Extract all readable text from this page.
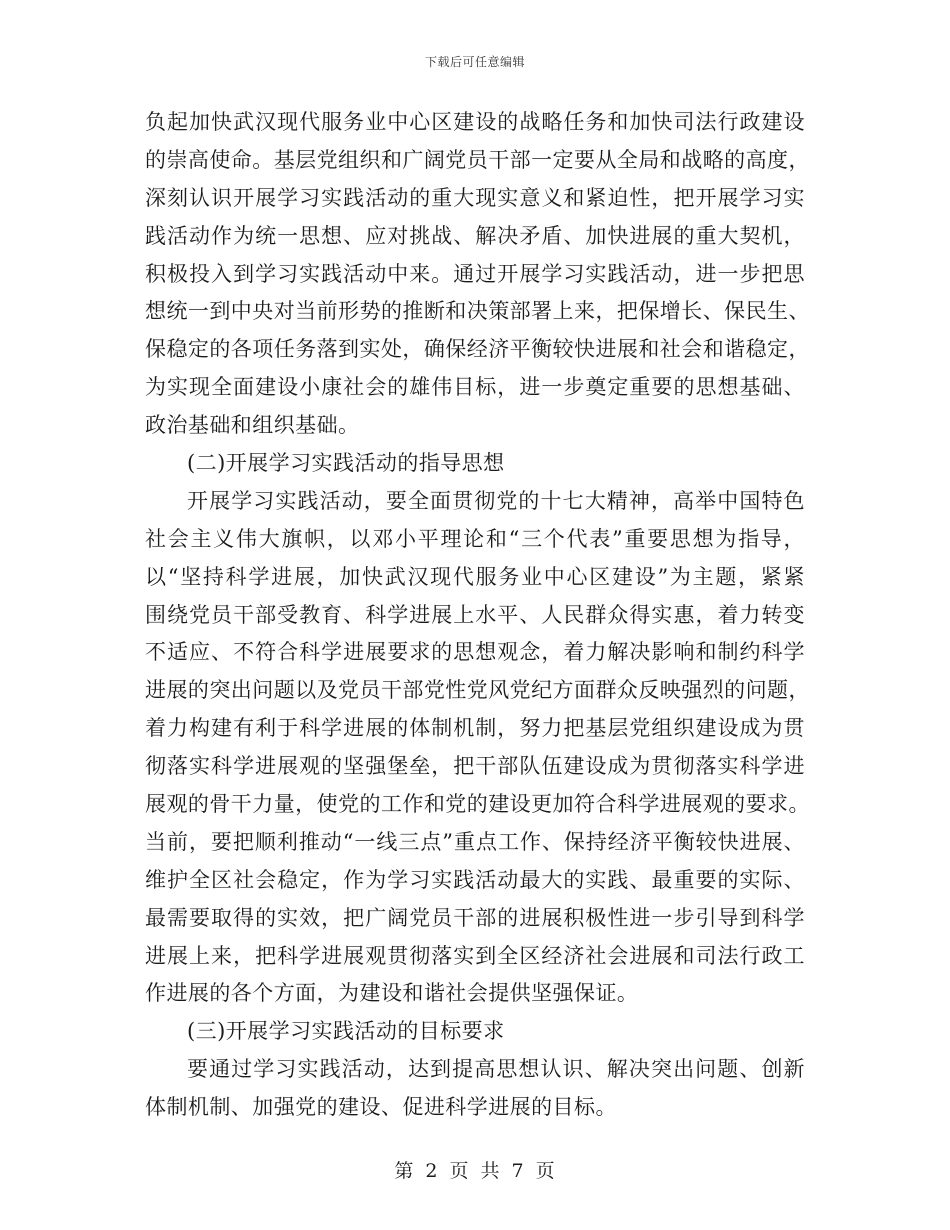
下载后可任意编辑
负起加快武汉现代服务业中心区建设的战略任务和加快司法行政建设
的崇高使命。基层党组织和广阔党员干部一定要从全局和战略的高度，
深刻认识开展学习实践活动的重大现实意义和紧迫性，把开展学习实
践活动作为统一思想、应对挑战、解决矛盾、加快进展的重大契机，
积极投入到学习实践活动中来。通过开展学习实践活动，进一步把思
想统一到中央对当前形势的推断和决策部署上来，把保增长、保民生、
保稳定的各项任务落到实处，确保经济平衡较快进展和社会和谐稳定，
为实现全面建设小康社会的雄伟目标，进一步奠定重要的思想基础、
政治基础和组织基础。
(二)开展学习实践活动的指导思想
开展学习实践活动，要全面贯彻党的十七大精神，高举中国特色
社会主义伟大旗帜，以邓小平理论和“三个代表”重要思想为指导，
以“坚持科学进展，加快武汉现代服务业中心区建设”为主题，紧紧
围绕党员干部受教育、科学进展上水平、人民群众得实惠，着力转变
不适应、不符合科学进展要求的思想观念，着力解决影响和制约科学
进展的突出问题以及党员干部党性党风党纪方面群众反映强烈的问题，
着力构建有利于科学进展的体制机制，努力把基层党组织建设成为贯
彻落实科学进展观的坚强堡垒，把干部队伍建设成为贯彻落实科学进
展观的骨干力量，使党的工作和党的建设更加符合科学进展观的要求。
当前，要把顺利推动“一线三点”重点工作、保持经济平衡较快进展、
维护全区社会稳定，作为学习实践活动最大的实践、最重要的实际、
最需要取得的实效，把广阔党员干部的进展积极性进一步引导到科学
进展上来，把科学进展观贯彻落实到全区经济社会进展和司法行政工
作进展的各个方面，为建设和谐社会提供坚强保证。
(三)开展学习实践活动的目标要求
要通过学习实践活动，达到提高思想认识、解决突出问题、创新
体制机制、加强党的建设、促进科学进展的目标。
第 2 页 共 7 页
